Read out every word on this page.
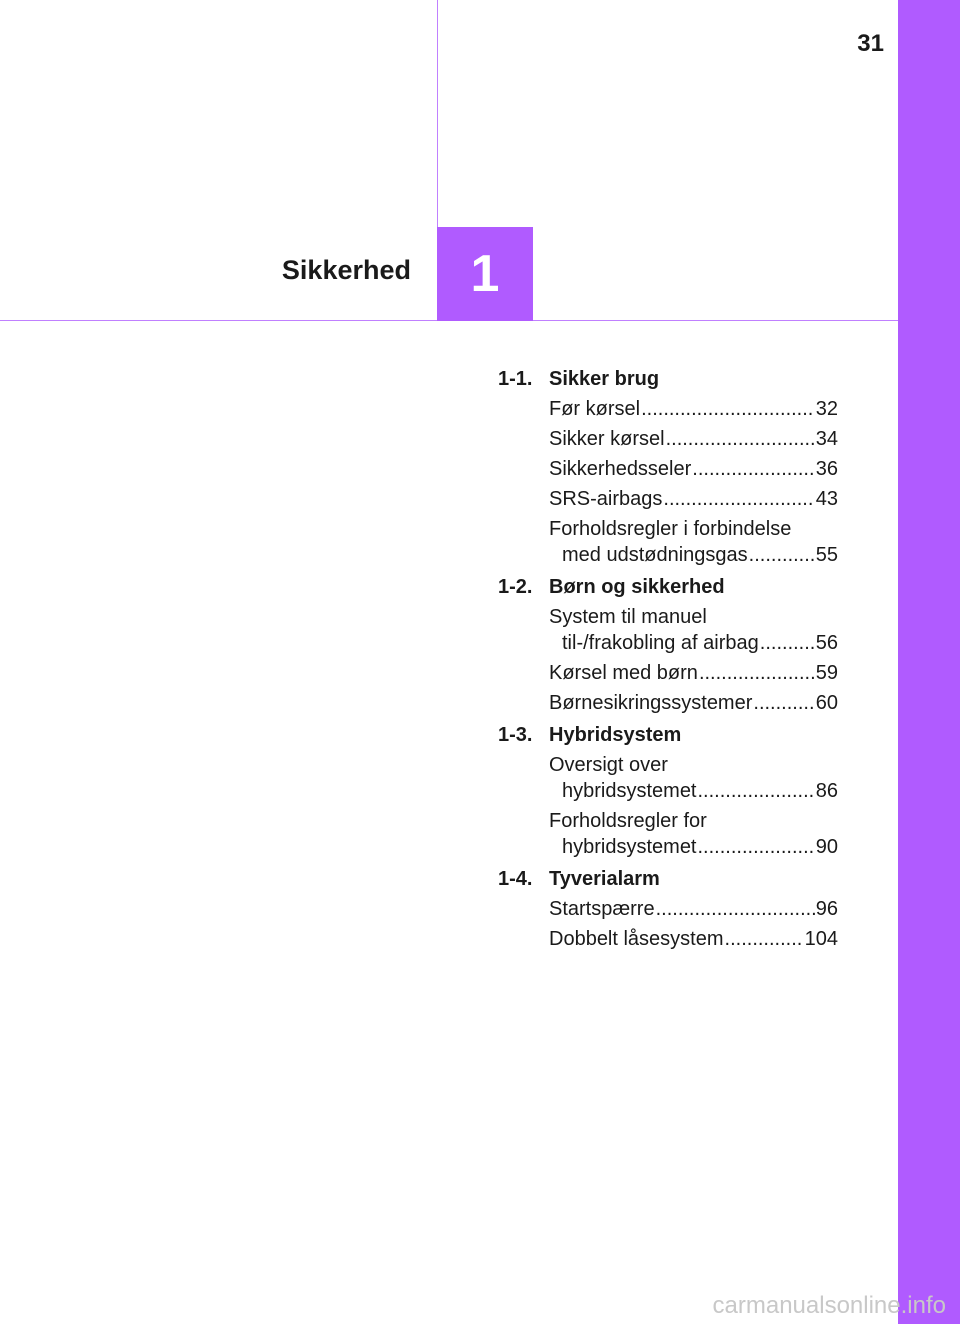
31
Sikkerhed 1
1-1. Sikker brug
Før kørsel .....	32
Sikker kørsel .....	34
Sikkerhedsseler .....	36
SRS-airbags .....	43
Forholdsregler i forbindelse
med udstødningsgas .....	55
1-2. Børn og sikkerhed
System til manuel
til-/frakobling af airbag .....	56
Kørsel med børn .....	59
Børnesikringssystemer .....	60
1-3. Hybridsystem
Oversigt over
hybridsystemet .....	86
Forholdsregler for
hybridsystemet .....	90
1-4. Tyverialarm
Startspærre .....	96
Dobbelt låsesystem .....	104
carmanualsonline.info
